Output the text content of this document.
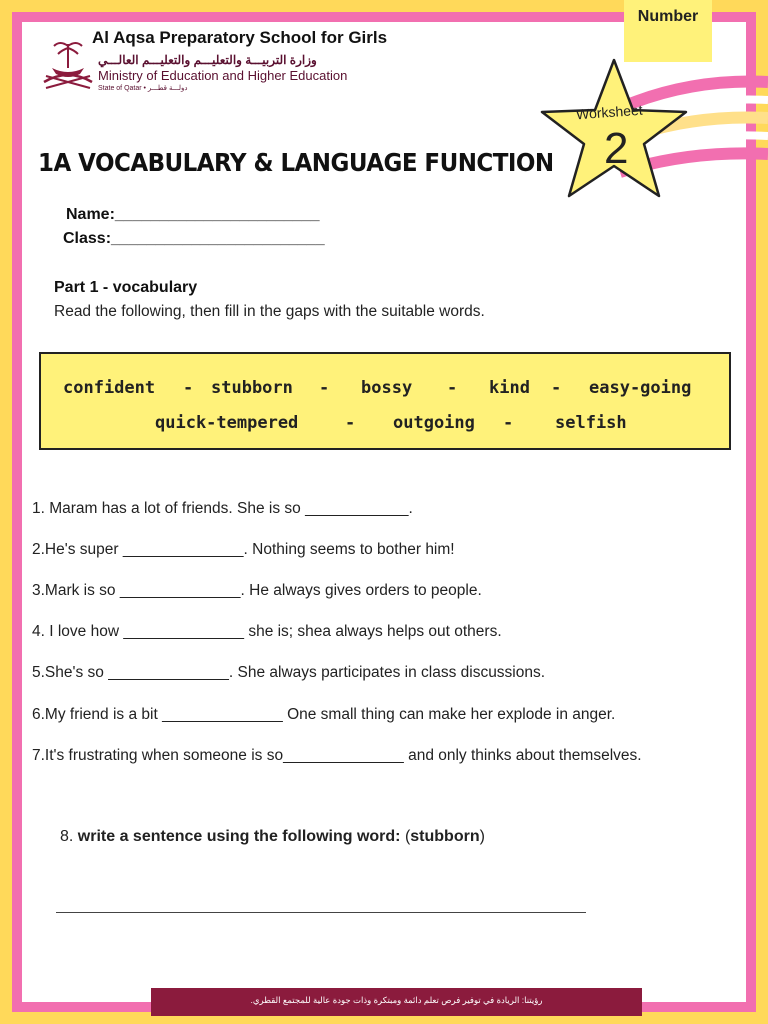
Worksheet
2
Number
Al Aqsa Preparatory School for Girls
وزارة التربيـــة والتعليـــم والتعليـــم العالـــي
Ministry of Education and Higher Education
State of Qatar • دولـــة قطـــر
1A VOCABULARY & LANGUAGE FUNCTION
Name:_______________________
Class:________________________
Part 1 - vocabulary
Read the following, then fill in the gaps with the suitable words.
confident - stubborn - bossy - kind - easy-going
quick-tempered	- outgoing - selfish
1. Maram has a lot of friends. She is so ____________.
2.He's super ______________. Nothing seems to bother him!
3.Mark is so ______________. He always gives orders to people.
4. I love how ______________ she is; shea always helps out others.
5.She's so ______________. She always participates in class discussions.
6.My friend is a bit ______________ One small thing can make her explode in anger.
7.It's frustrating when someone is so______________ and only thinks about themselves.
8. write a sentence using the following word: (stubborn)
رؤيتنا: الريادة في توفير فرص تعلم دائمة ومبتكرة وذات جودة عالية للمجتمع القطري.
